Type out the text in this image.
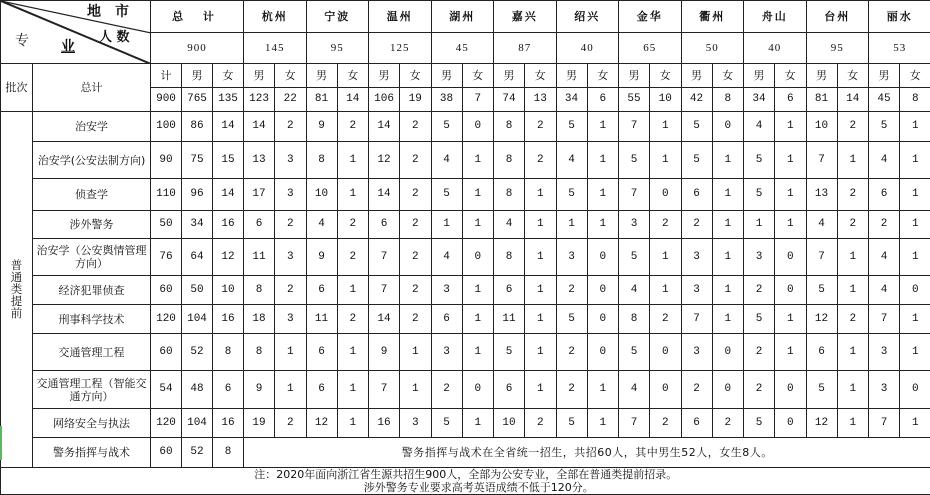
地　市
人 数
专 业		总 计			杭州		宁波		温州		湖州		嘉兴		绍兴		金华		衢州		舟山		台州		丽水	
		900			145		95		125		45		87		40		65		50		40		95		53	
批次	总计	计	男	女	男	女	男	女	男	女	男	女	男	女	男	女	男	女	男	女	男	女	男	女	男	女
		900	765	135	123	22	81	14	106	19	38	7	74	13	34	6	55	10	42	8	34	6	81	14	45	8
普通类提前	治安学	100	86	14	14	2	9	2	14	2	5	0	8	2	5	1	7	1	5	0	4	1	10	2	5	1
	治安学(公安法制方向)	90	75	15	13	3	8	1	12	2	4	1	8	2	4	1	5	1	5	1	5	1	7	1	4	1
	侦查学	110	96	14	17	3	10	1	14	2	5	1	8	1	5	1	7	0	6	1	5	1	13	2	6	1
	涉外警务	50	34	16	6	2	4	2	6	2	1	1	4	1	1	1	3	2	2	1	1	1	4	2	2	1
	治安学（公安舆情管理方向）	76	64	12	11	3	9	2	7	2	4	0	8	1	3	0	5	1	3	1	3	0	7	1	4	1
	经济犯罪侦查	60	50	10	8	2	6	1	7	2	3	1	6	1	2	0	4	1	3	1	2	0	5	1	4	0
	刑事科学技术	120	104	16	18	3	11	2	14	2	6	1	11	1	5	0	8	2	7	1	5	1	12	2	7	1
	交通管理工程	60	52	8	8	1	6	1	9	1	3	1	5	1	2	0	5	0	3	0	2	1	6	1	3	1
	交通管理工程（智能交通方向）	54	48	6	9	1	6	1	7	1	2	0	6	1	2	1	4	0	2	0	2	0	5	1	3	0
	网络安全与执法	120	104	16	19	2	12	1	16	3	5	1	10	2	5	1	7	2	6	2	5	0	12	1	7	1
	警务指挥与战术	60	52	8	警务指挥与战术在全省统一招生，共招60人，其中男生52人，女生8人。																					

注：2020年面向浙江省生源共招生900人，全部为公安专业，全部在普通类提前招录。
涉外警务专业要求高考英语成绩不低于120分。																										
